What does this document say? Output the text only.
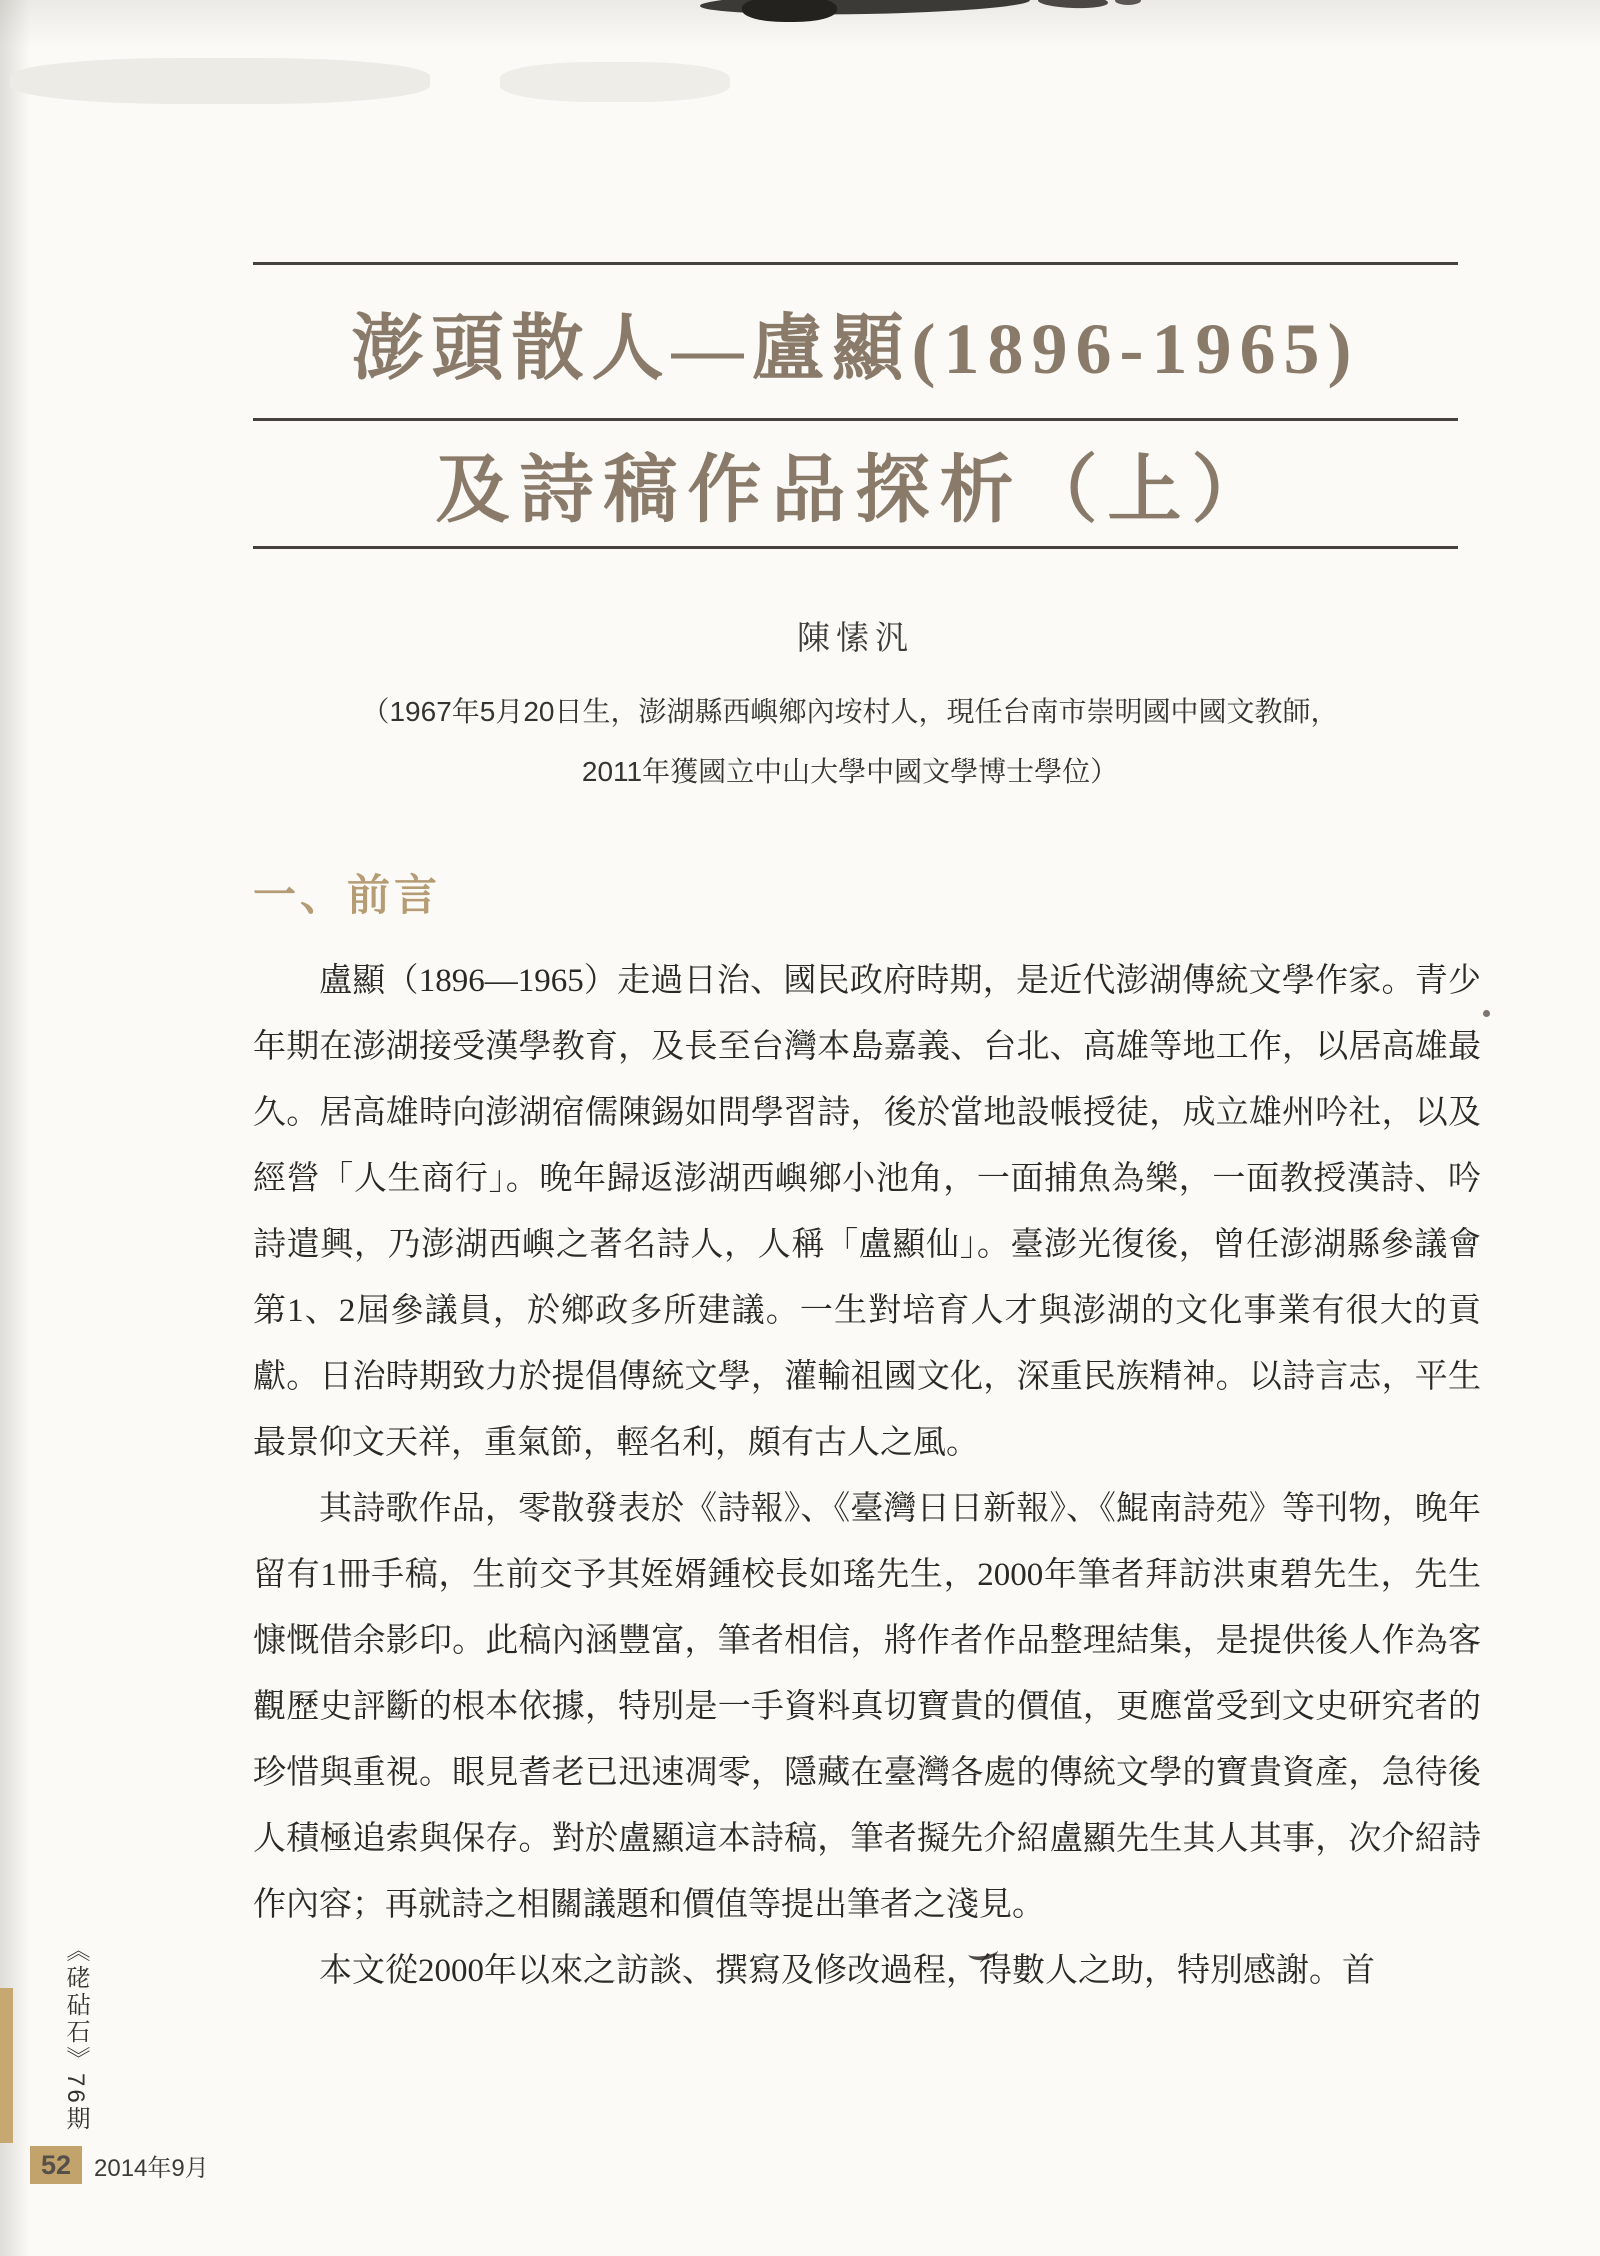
澎頭散人—盧顯(1896-1965)
及詩稿作品探析（上）
陳愫汎
（1967年5月20日生，澎湖縣西嶼鄉內垵村人，現任台南市崇明國中國文教師，
2011年獲國立中山大學中國文學博士學位）
一、前言

盧顯（1896—1965）走過日治、國民政府時期，是近代澎湖傳統文學作家。青少年期在澎湖接受漢學教育，及長至台灣本島嘉義、台北、高雄等地工作，以居高雄最久。居高雄時向澎湖宿儒陳錫如問學習詩，後於當地設帳授徒，成立雄州吟社，以及經營「人生商行」。晚年歸返澎湖西嶼鄉小池角，一面捕魚為樂，一面教授漢詩、吟詩遣興，乃澎湖西嶼之著名詩人，人稱「盧顯仙」。臺澎光復後，曾任澎湖縣參議會第1、2屆參議員，於鄉政多所建議。一生對培育人才與澎湖的文化事業有很大的貢獻。日治時期致力於提倡傳統文學，灌輸祖國文化，深重民族精神。以詩言志，平生最景仰文天祥，重氣節，輕名利，頗有古人之風。

其詩歌作品，零散發表於《詩報》、《臺灣日日新報》、《鯤南詩苑》等刊物，晚年留有1冊手稿，生前交予其姪婿鍾校長如瑤先生，2000年筆者拜訪洪東碧先生，先生慷慨借余影印。此稿內涵豐富，筆者相信，將作者作品整理結集，是提供後人作為客觀歷史評斷的根本依據，特別是一手資料真切寶貴的價值，更應當受到文史研究者的珍惜與重視。眼見耆老已迅速凋零，隱藏在臺灣各處的傳統文學的寶貴資產，急待後人積極追索與保存。對於盧顯這本詩稿，筆者擬先介紹盧顯先生其人其事，次介紹詩作內容；再就詩之相關議題和價值等提出筆者之淺見。

本文從2000年以來之訪談、撰寫及修改過程，得數人之助，特別感謝。首

《硓砧石》76期
52 2014年9月
